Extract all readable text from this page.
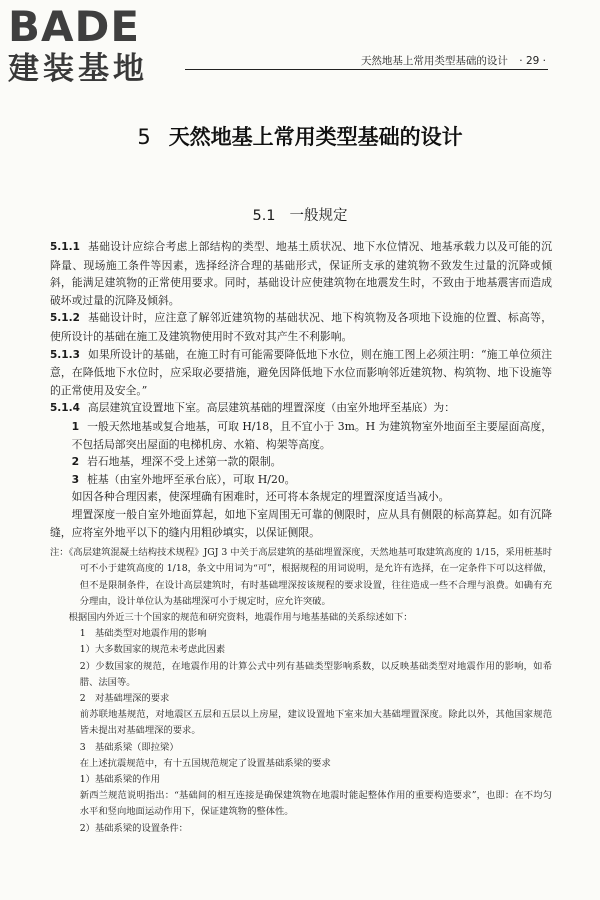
BADE
建装基地	天然地基上常用类型基础的设计 · 29 ·
5 天然地基上常用类型基础的设计
5.1 一般规定

5.1.1 基础设计应综合考虑上部结构的类型、地基土质状况、地下水位情况、地基承载力以及可能的沉降量、现场施工条件等因素，选择经济合理的基础形式，保证所支承的建筑物不致发生过量的沉降或倾斜，能满足建筑物的正常使用要求。同时，基础设计应使建筑物在地震发生时，不致由于地基震害而造成破坏或过量的沉降及倾斜。

5.1.2 基础设计时，应注意了解邻近建筑物的基础状况、地下构筑物及各项地下设施的位置、标高等，使所设计的基础在施工及建筑物使用时不致对其产生不利影响。

5.1.3 如果所设计的基础，在施工时有可能需要降低地下水位，则在施工图上必须注明：“施工单位须注意，在降低地下水位时，应采取必要措施，避免因降低地下水位而影响邻近建筑物、构筑物、地下设施等的正常使用及安全。”

5.1.4 高层建筑宜设置地下室。高层建筑基础的埋置深度（由室外地坪至基底）为：

1 一般天然地基或复合地基，可取 H/18，且不宜小于 3m。H 为建筑物室外地面至主要屋面高度，不包括局部突出屋面的电梯机房、水箱、构架等高度。

2 岩石地基，埋深不受上述第一款的限制。

3 桩基（由室外地坪至承台底），可取 H/20。

如因各种合理因素，使深埋确有困难时，还可将本条规定的埋置深度适当减小。

埋置深度一般自室外地面算起，如地下室周围无可靠的侧限时，应从具有侧限的标高算起。如有沉降缝，应将室外地平以下的缝内用粗砂填实，以保证侧限。

注：《高层建筑混凝土结构技术规程》JGJ 3 中关于高层建筑的基础埋置深度，天然地基可取建筑高度的 1/15，采用桩基时可不小于建筑高度的 1/18，条文中用词为“可”，根据规程的用词说明，是允许有选择，在一定条件下可以这样做，但不是限制条件，在设计高层建筑时，有时基础埋深按该规程的要求设置，往往造成一些不合理与浪费。如确有充分理由，设计单位认为基础埋深可小于规定时，应允许突破。

根据国内外近三十个国家的规范和研究资料，地震作用与地基基础的关系综述如下：

1　基础类型对地震作用的影响

1）大多数国家的规范未考虑此因素

2）少数国家的规范，在地震作用的计算公式中列有基础类型影响系数，以反映基础类型对地震作用的影响，如希腊、法国等。

2　对基础埋深的要求

前苏联地基规范，对地震区五层和五层以上房屋，建议设置地下室来加大基础埋置深度。除此以外，其他国家规范皆未提出对基础埋深的要求。

3　基础系梁（即拉梁）

在上述抗震规范中，有十五国规范规定了设置基础系梁的要求

1）基础系梁的作用

新西兰规范说明指出：“基础间的相互连接是确保建筑物在地震时能起整体作用的重要构造要求”，也即：在不均匀水平和竖向地面运动作用下，保证建筑物的整体性。

2）基础系梁的设置条件：
